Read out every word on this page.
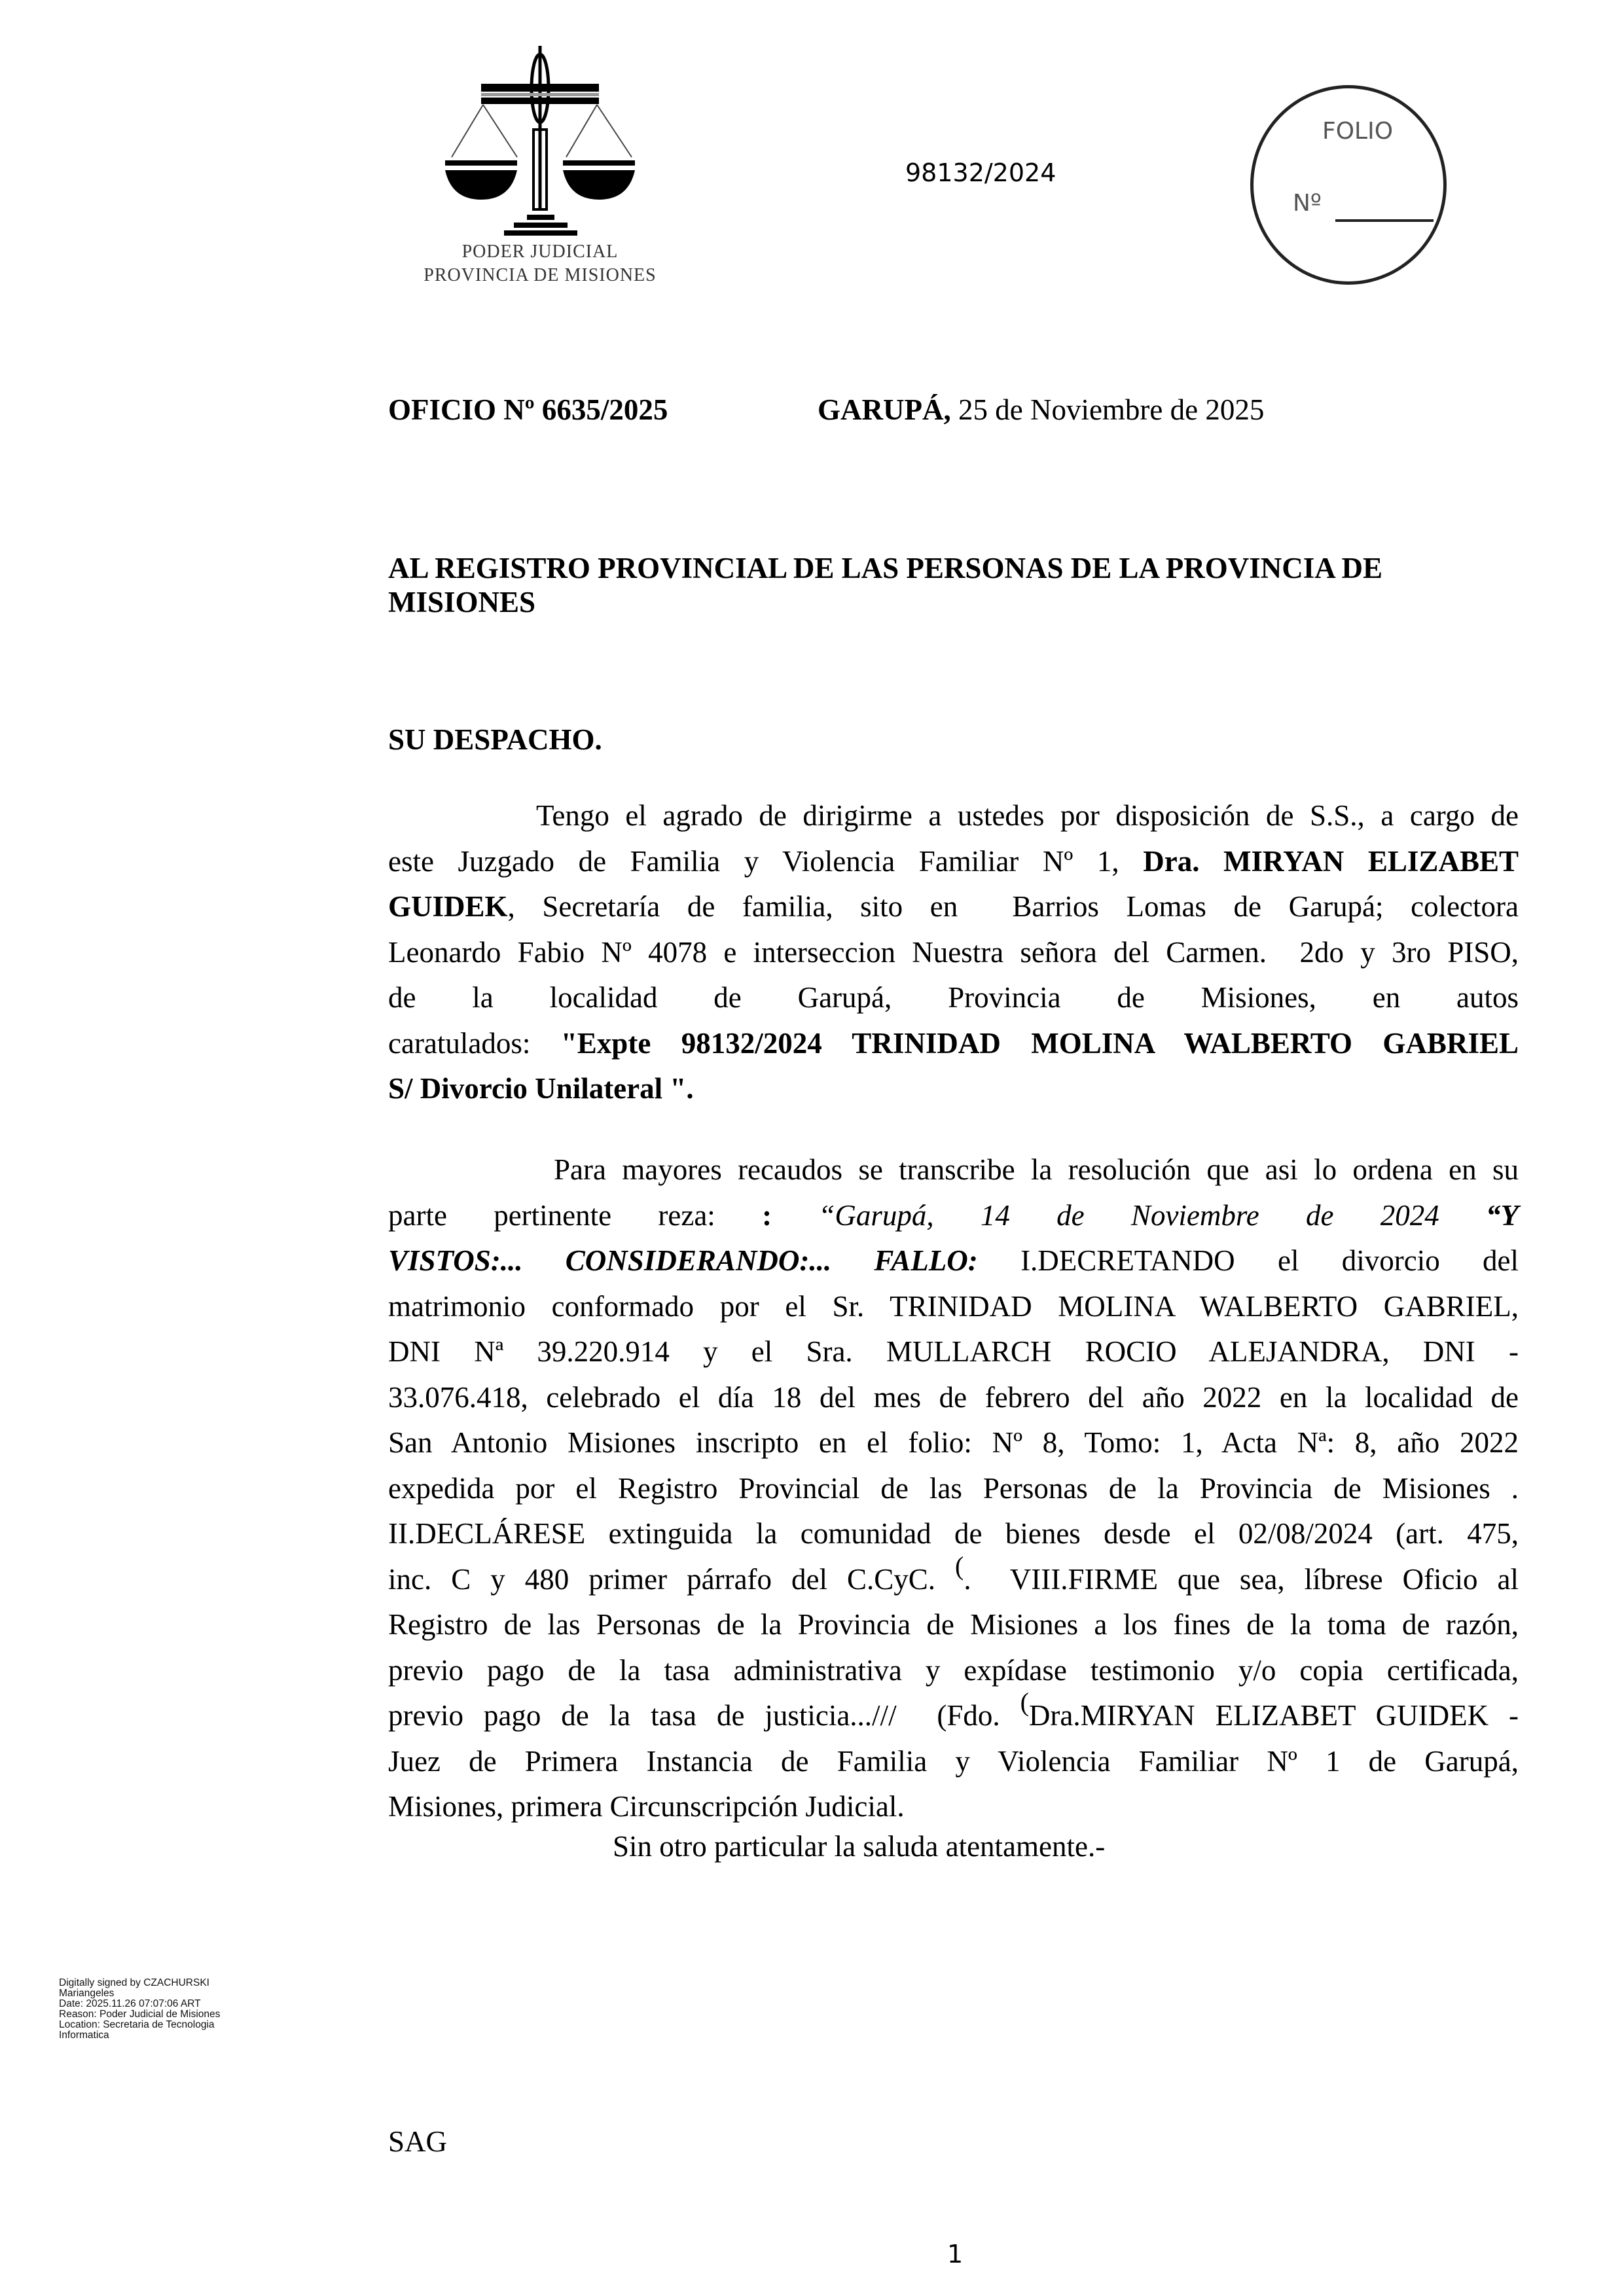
PODER JUDICIAL
PROVINCIA DE MISIONES
98132/2024
FOLIO
Nº
OFICIO Nº 6635/2025	GARUPÁ, 25 de Noviembre de 2025
AL REGISTRO PROVINCIAL DE LAS PERSONAS DE LA PROVINCIA DE
MISIONES
SU DESPACHO.
Tengo el agrado de dirigirme a ustedes por disposición de S.S., a cargo de
este Juzgado de Familia y Violencia Familiar Nº 1, Dra. MIRYAN ELIZABET
GUIDEK, Secretaría de familia, sito en  Barrios Lomas de Garupá; colectora
Leonardo Fabio Nº 4078 e interseccion Nuestra señora del Carmen.  2do y 3ro PISO,
de la localidad de Garupá, Provincia de Misiones, en autos
caratulados: "Expte 98132/2024 TRINIDAD MOLINA WALBERTO GABRIEL
S/ Divorcio Unilateral ".
Para mayores recaudos se transcribe la resolución que asi lo ordena en su
parte pertinente reza: : “Garupá, 14 de Noviembre de 2024 “Y
VISTOS:... CONSIDERANDO:... FALLO: I.DECRETANDO el divorcio del
matrimonio conformado por el Sr. TRINIDAD MOLINA WALBERTO GABRIEL,
DNI Nª 39.220.914 y el Sra. MULLARCH ROCIO ALEJANDRA, DNI -
33.076.418, celebrado el día 18 del mes de febrero del año 2022 en la localidad de
San Antonio Misiones inscripto en el folio: Nº 8, Tomo: 1, Acta Nª: 8, año 2022
expedida por el Registro Provincial de las Personas de la Provincia de Misiones .
II.DECLÁRESE extinguida la comunidad de bienes desde el 02/08/2024 (art. 475,
inc. C y 480 primer párrafo del C.CyC. (.  VIII.FIRME que sea, líbrese Oficio al
Registro de las Personas de la Provincia de Misiones a los fines de la toma de razón,
previo pago de la tasa administrativa y expídase testimonio y/o copia certificada,
previo pago de la tasa de justicia...///  (Fdo. (Dra.MIRYAN ELIZABET GUIDEK -
Juez de Primera Instancia de Familia y Violencia Familiar Nº 1 de Garupá,
Misiones, primera Circunscripción Judicial.
Sin otro particular la saluda atentamente.-
Digitally signed by CZACHURSKI
Mariangeles
Date: 2025.11.26 07:07:06 ART
Reason: Poder Judicial de Misiones
Location: Secretaria de Tecnologia
Informatica
SAG
1
